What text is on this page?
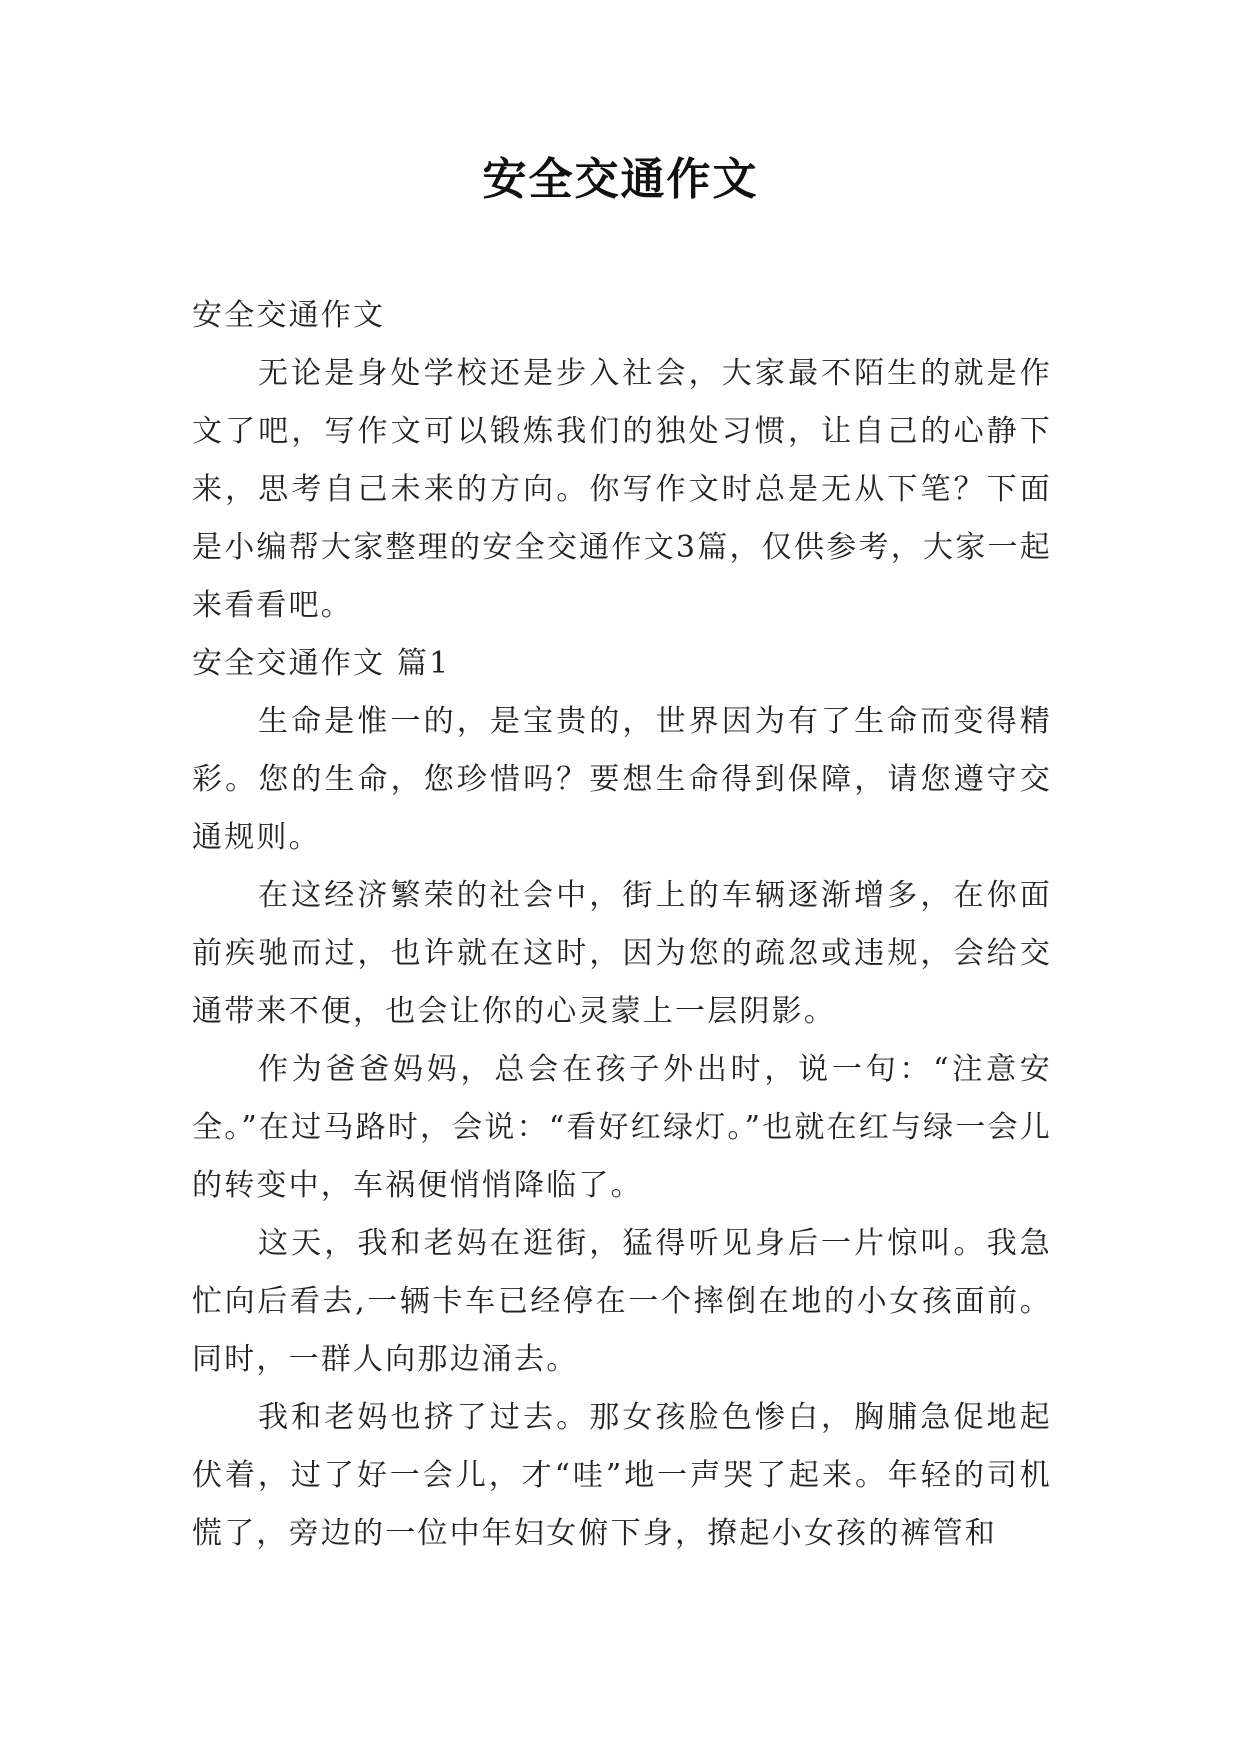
安全交通作文

安全交通作文

无论是身处学校还是步入社会，大家最不陌生的就是作文了吧，写作文可以锻炼我们的独处习惯，让自己的心静下来，思考自己未来的方向。你写作文时总是无从下笔？下面是小编帮大家整理的安全交通作文3篇，仅供参考，大家一起来看看吧。

安全交通作文 篇1

生命是惟一的，是宝贵的，世界因为有了生命而变得精彩。您的生命，您珍惜吗？要想生命得到保障，请您遵守交通规则。

在这经济繁荣的社会中，街上的车辆逐渐增多，在你面前疾驰而过，也许就在这时，因为您的疏忽或违规，会给交通带来不便，也会让你的心灵蒙上一层阴影。

作为爸爸妈妈，总会在孩子外出时，说一句：“注意安全。”在过马路时，会说：“看好红绿灯。”也就在红与绿一会儿的转变中，车祸便悄悄降临了。

这天，我和老妈在逛街，猛得听见身后一片惊叫。我急忙向后看去,一辆卡车已经停在一个摔倒在地的小女孩面前。同时，一群人向那边涌去。

我和老妈也挤了过去。那女孩脸色惨白，胸脯急促地起伏着，过了好一会儿，才“哇”地一声哭了起来。年轻的司机慌了，旁边的一位中年妇女俯下身，撩起小女孩的裤管和
